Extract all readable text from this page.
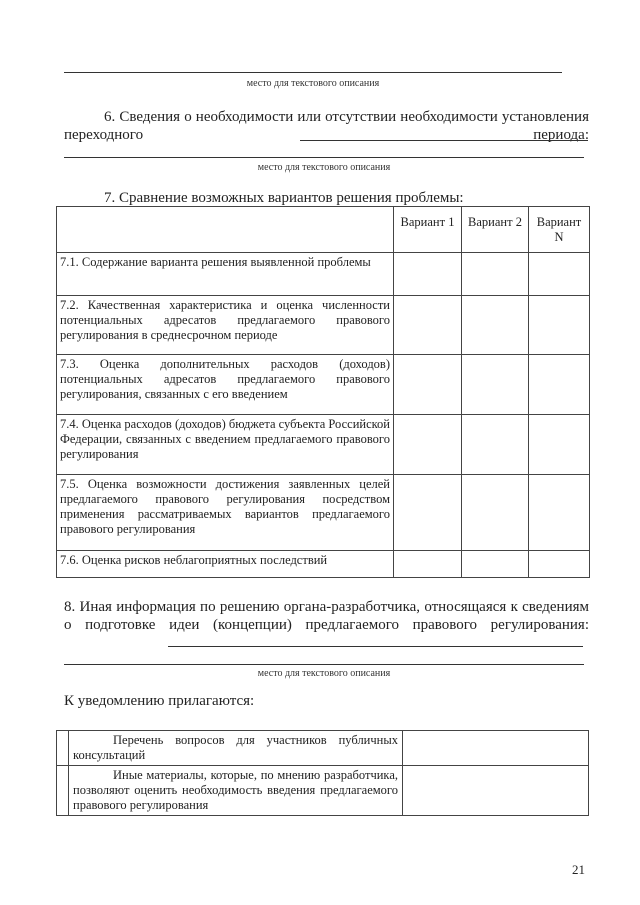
место для текстового описания
6. Сведения о необходимости или отсутствии необходимости установления переходного периода:
место для текстового описания
7. Сравнение возможных вариантов решения проблемы:
	Вариант 1	Вариант 2	Вариант N
7.1. Содержание варианта решения выявленной проблемы			
7.2. Качественная характеристика и оценка численности потенциальных адресатов предлагаемого правового регулирования в среднесрочном периоде			
7.3. Оценка дополнительных расходов (доходов) потенциальных адресатов предлагаемого правового регулирования, связанных с его введением			
7.4. Оценка расходов (доходов) бюджета субъекта Российской Федерации, связанных с введением предлагаемого правового регулирования			
7.5. Оценка возможности достижения заявленных целей предлагаемого правового регулирования посредством применения рассматриваемых вариантов предлагаемого правового регулирования			
7.6. Оценка рисков неблагоприятных последствий			
8. Иная информация по решению органа-разработчика, относящаяся к сведениям о подготовке идеи (концепции) предлагаемого правового регулирования:
место для текстового описания
К уведомлению прилагаются:
	Перечень вопросов для участников публичных консультаций	
	Иные материалы, которые, по мнению разработчика, позволяют оценить необходимость введения предлагаемого правового регулирования	
21
